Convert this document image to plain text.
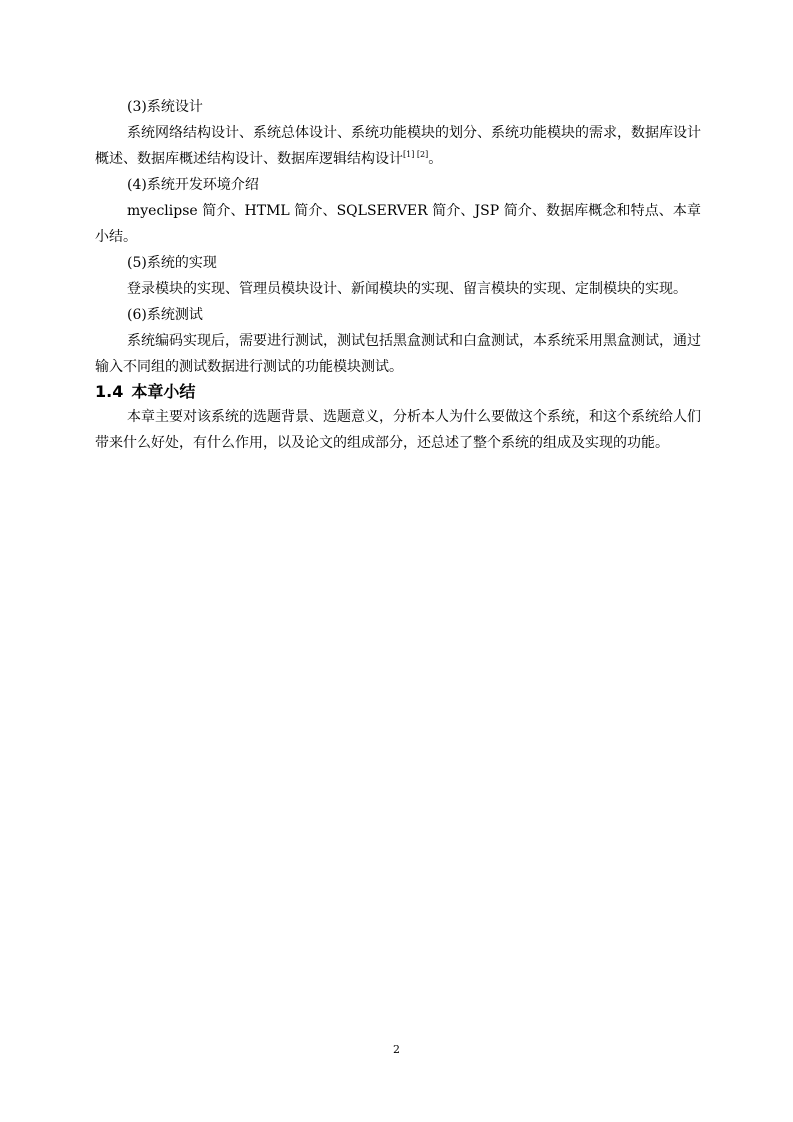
(3)系统设计

系统网络结构设计、系统总体设计、系统功能模块的划分、系统功能模块的需求，数据库设计概述、数据库概述结构设计、数据库逻辑结构设计[1] [2]。

(4)系统开发环境介绍

myeclipse 简介、HTML 简介、SQLSERVER 简介、JSP 简介、数据库概念和特点、本章小结。

(5)系统的实现

登录模块的实现、管理员模块设计、新闻模块的实现、留言模块的实现、定制模块的实现。

(6)系统测试

系统编码实现后，需要进行测试，测试包括黑盒测试和白盒测试，本系统采用黑盒测试，通过输入不同组的测试数据进行测试的功能模块测试。

1.4 本章小结

本章主要对该系统的选题背景、选题意义，分析本人为什么要做这个系统，和这个系统给人们带来什么好处，有什么作用，以及论文的组成部分，还总述了整个系统的组成及实现的功能。

2
